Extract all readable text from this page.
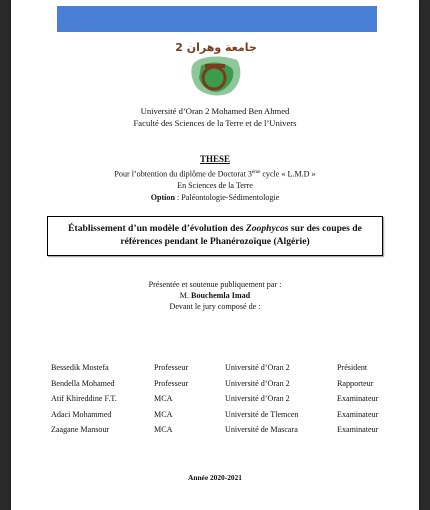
جامعة وهران 2
Université d’Oran 2 Mohamed Ben Ahmed
Faculté des Sciences de la Terre et de l’Univers
THESE
Pour l’obtention du diplôme de Doctorat 3ème cycle « L.M.D »
En Sciences de la Terre
Option : Paléontologie-Sédimentologie
Établissement d’un modèle d’évolution des Zoophycos sur des coupes de références pendant le Phanérozoïque (Algérie)
Présentée et soutenue publiquement par :
M. Bouchemla Imad
Devant le jury composé de :
Bessedik Mostefa	Professeur	Université d’Oran 2	Président
Bendella Mohamed	Professeur	Université d’Oran 2	Rapporteur
Atif Khireddine F.T.	MCA	Université d’Oran 2	Examinateur
Adaci Mohammed	MCA	Université de Tlemcen	Examinateur
Zaagane Mansour	MCA	Université de Mascara	Examinateur
Année 2020-2021
